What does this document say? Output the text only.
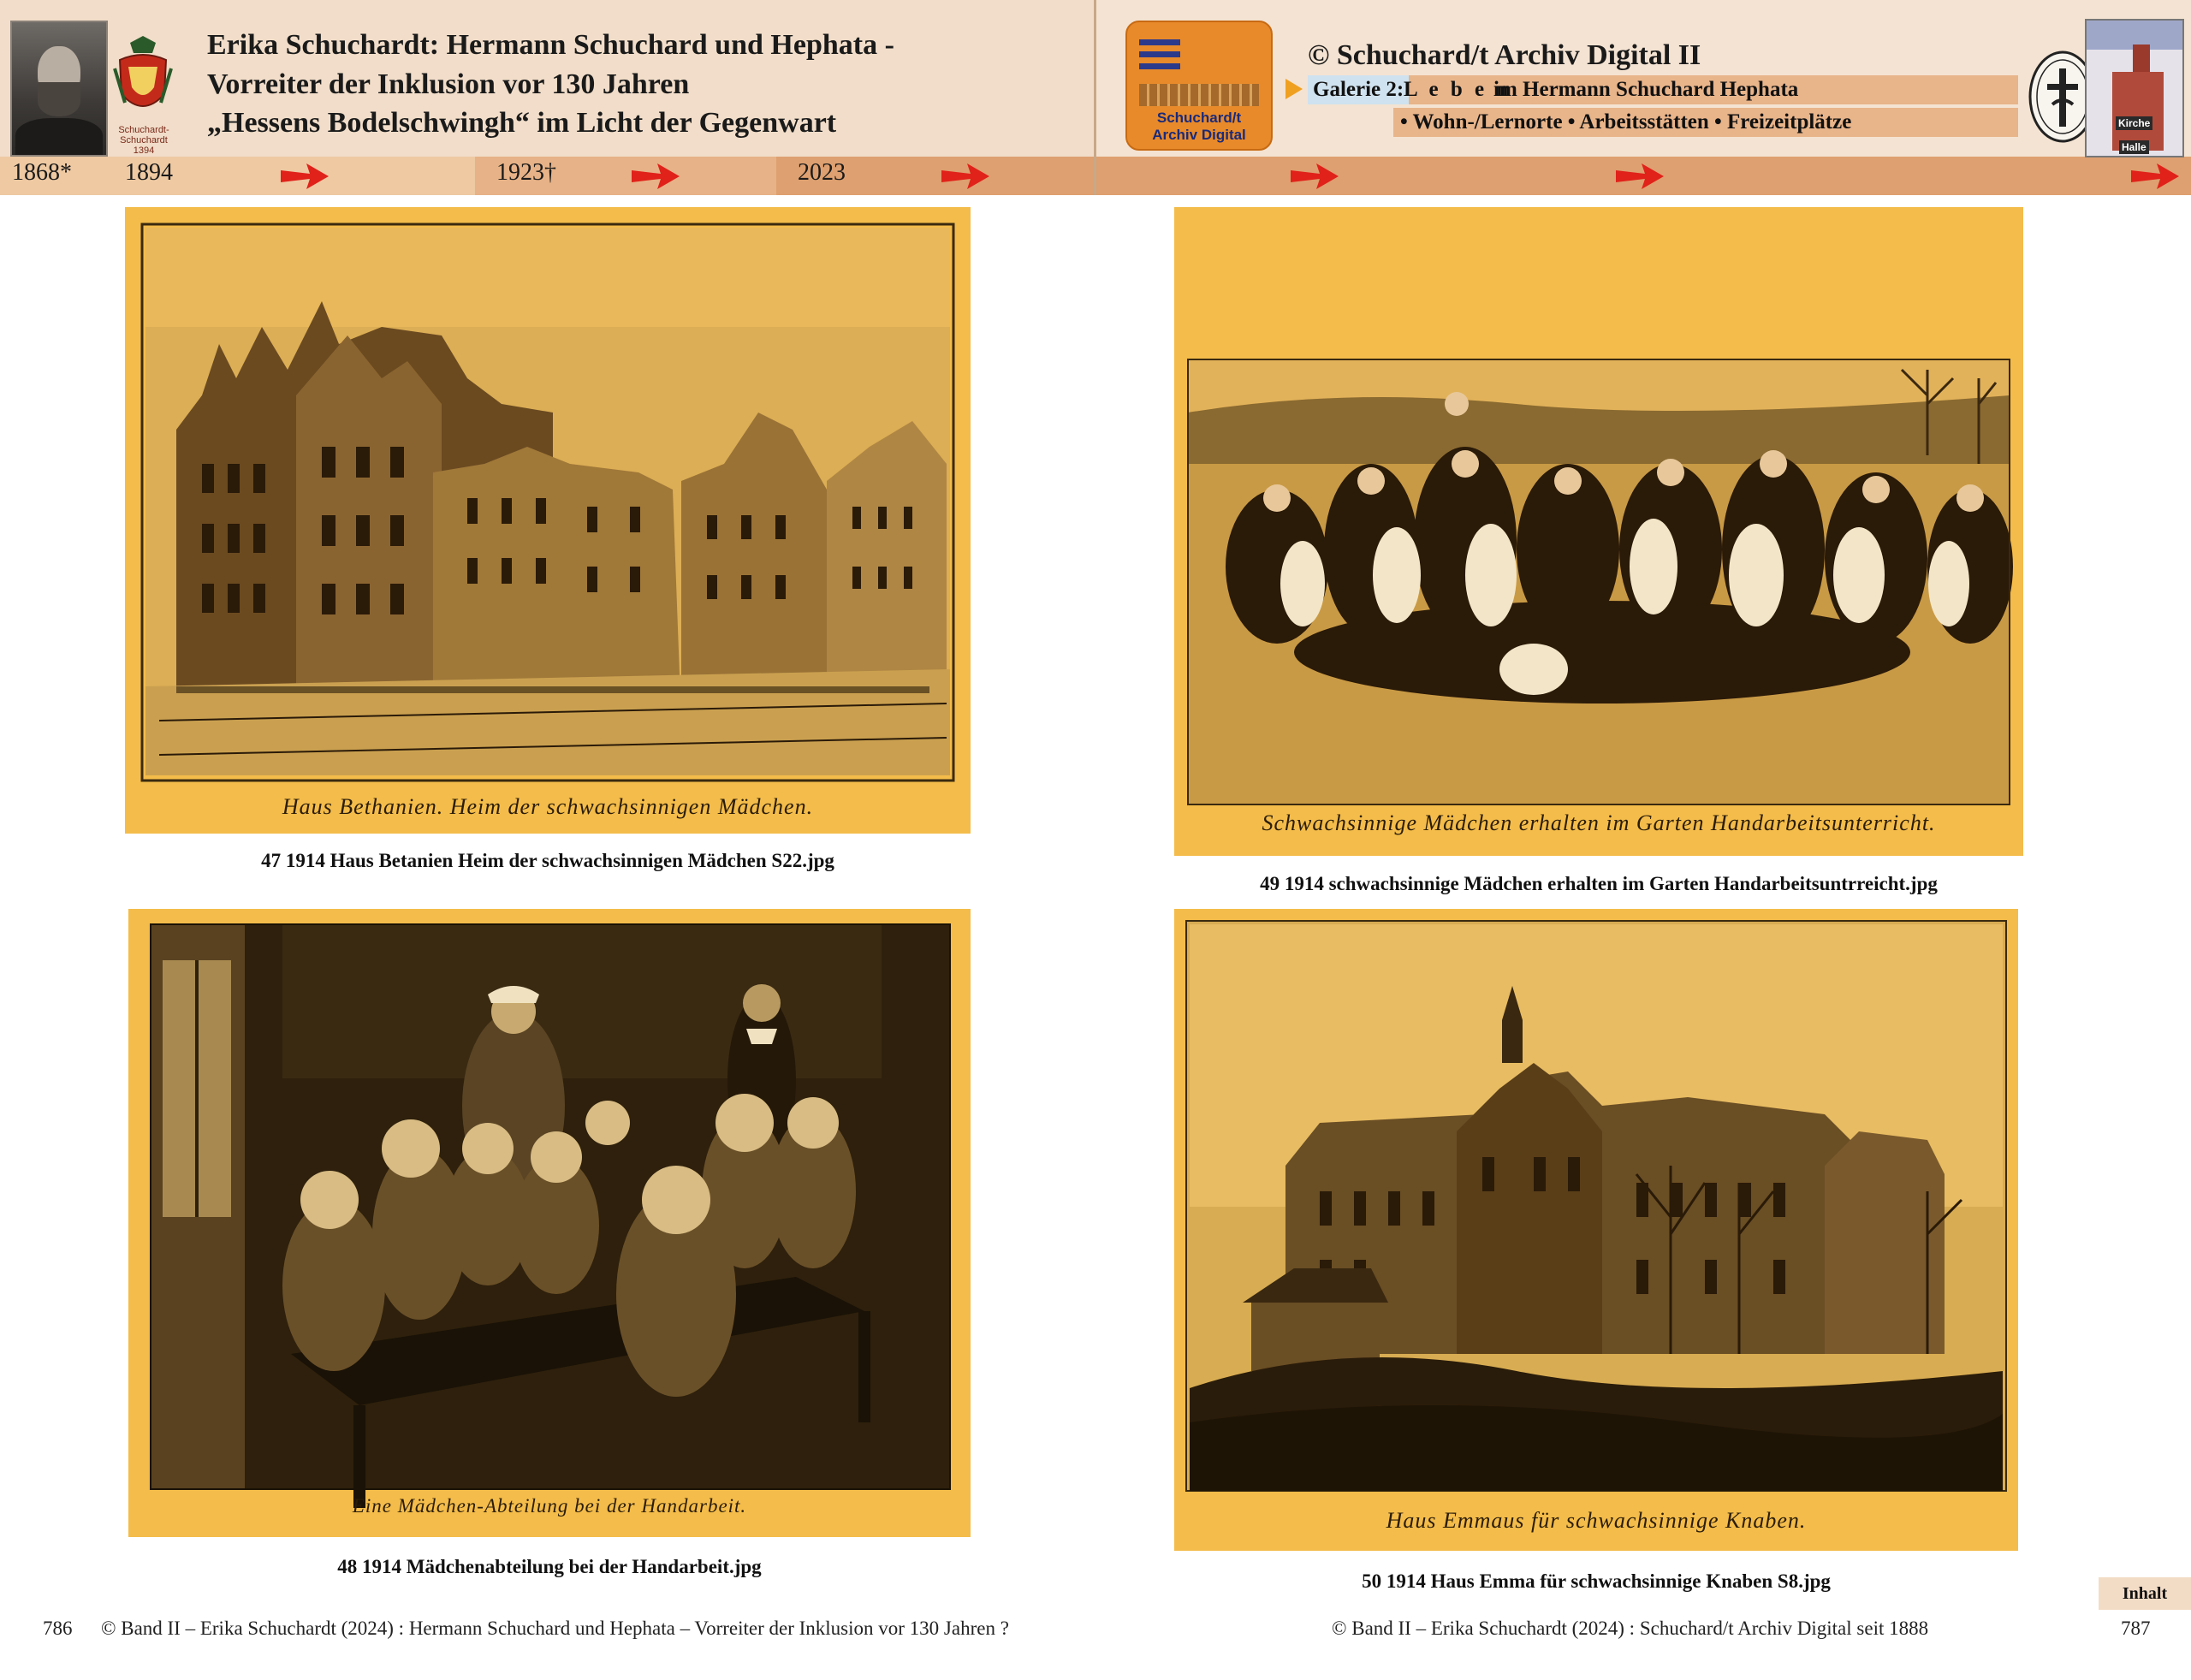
Schuchardt-Schuchardt 1394
Erika Schuchardt: Hermann Schuchard und Hephata -
Vorreiter der Inklusion vor 130 Jahren
„Hessens Bodelschwingh“ im Licht der Gegenwart
1868* 1894	1923†	2023
Schuchard/t
Archiv Digital
© Schuchard/t Archiv Digital II
Galerie 2: L e b e n
im Hermann Schuchard Hephata
• Wohn-/Lernorte • Arbeitsstätten • Freizeitplätze	Kirche
Halle
Haus Bethanien. Heim der schwachsinnigen Mädchen.
47 1914 Haus Betanien Heim der schwachsinnigen Mädchen S22.jpg
Schwachsinnige Mädchen erhalten im Garten Handarbeitsunterricht.
49 1914 schwachsinnige Mädchen erhalten im Garten Handarbeitsuntrreicht.jpg
Eine Mädchen-Abteilung bei der Handarbeit.
48 1914 Mädchenabteilung bei der Handarbeit.jpg
Haus Emmaus für schwachsinnige Knaben.
50 1914 Haus Emma für schwachsinnige Knaben S8.jpg
Inhalt
786 © Band II – Erika Schuchardt (2024) : Hermann Schuchard und Hephata – Vorreiter der Inklusion vor 130 Jahren ?	© Band II – Erika Schuchardt (2024) : Schuchard/t Archiv Digital seit 1888	787
